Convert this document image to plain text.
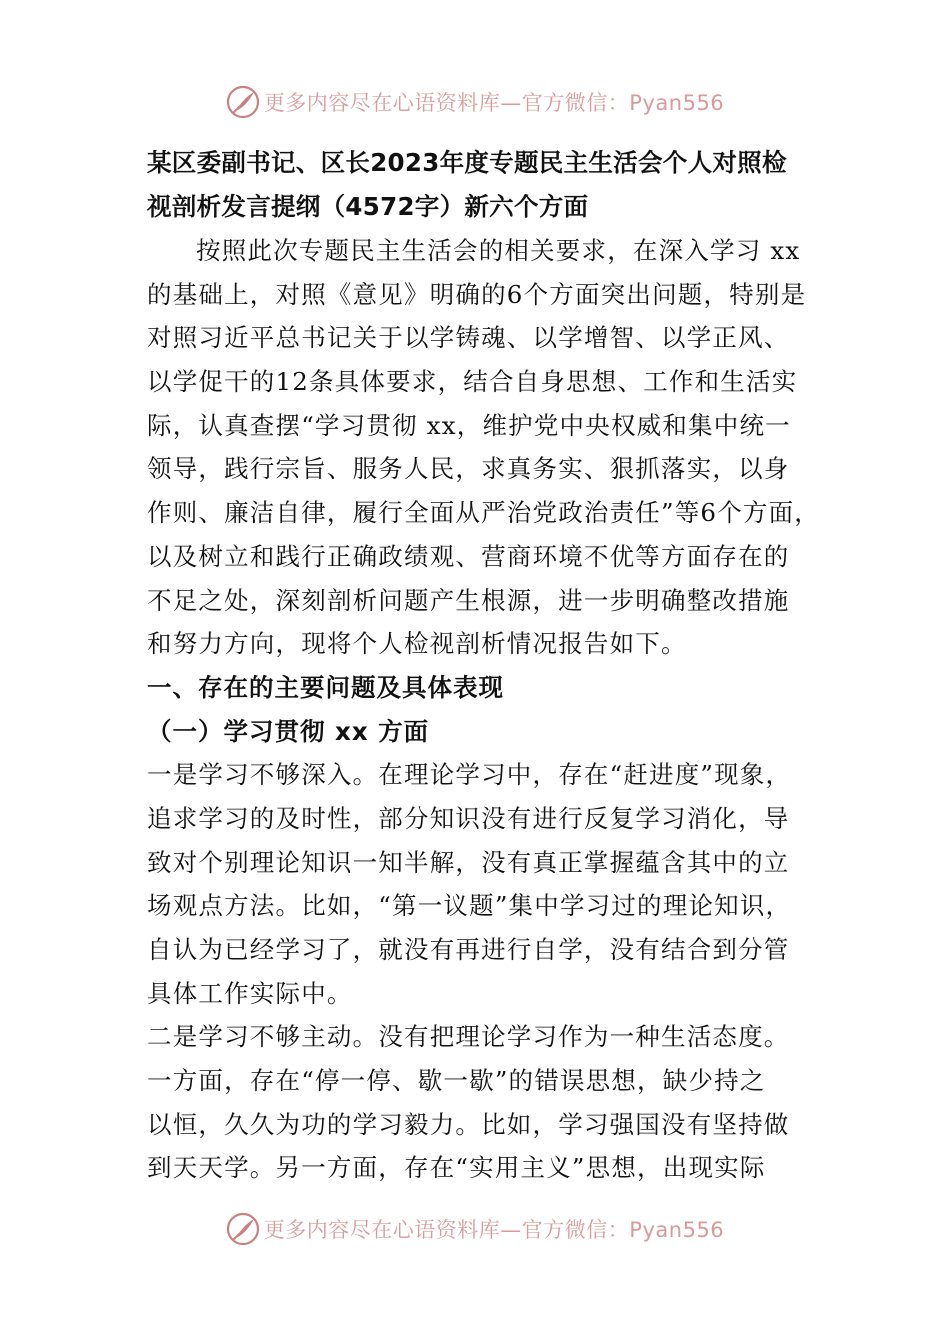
更多内容尽在心语资料库—官方微信：Pyan556
某区委副书记、区长2023年度专题民主生活会个人对照检
视剖析发言提纲（4572字）新六个方面
按照此次专题民主生活会的相关要求，在深入学习 xx
的基础上，对照《意见》明确的6个方面突出问题，特别是
对照习近平总书记关于以学铸魂、以学增智、以学正风、
以学促干的12条具体要求，结合自身思想、工作和生活实
际，认真查摆“学习贯彻 xx，维护党中央权威和集中统一
领导，践行宗旨、服务人民，求真务实、狠抓落实，以身
作则、廉洁自律，履行全面从严治党政治责任”等6个方面，
以及树立和践行正确政绩观、营商环境不优等方面存在的
不足之处，深刻剖析问题产生根源，进一步明确整改措施
和努力方向，现将个人检视剖析情况报告如下。
一、存在的主要问题及具体表现
（一）学习贯彻 xx 方面
一是学习不够深入。在理论学习中，存在“赶进度”现象，
追求学习的及时性，部分知识没有进行反复学习消化，导
致对个别理论知识一知半解，没有真正掌握蕴含其中的立
场观点方法。比如，“第一议题”集中学习过的理论知识，
自认为已经学习了，就没有再进行自学，没有结合到分管
具体工作实际中。
二是学习不够主动。没有把理论学习作为一种生活态度。
一方面，存在“停一停、歇一歇”的错误思想，缺少持之
以恒，久久为功的学习毅力。比如，学习强国没有坚持做
到天天学。另一方面，存在“实用主义”思想，出现实际
更多内容尽在心语资料库—官方微信：Pyan556
